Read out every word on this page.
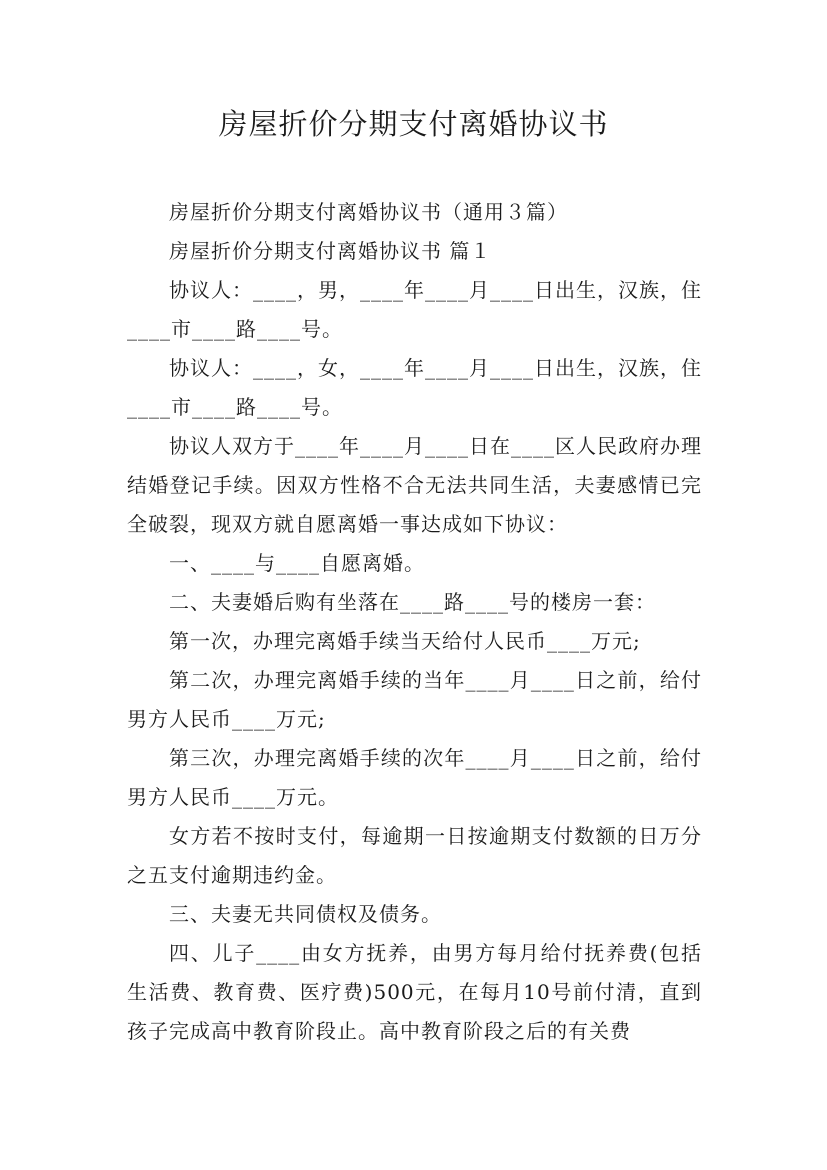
房屋折价分期支付离婚协议书

房屋折价分期支付离婚协议书（通用３篇）

房屋折价分期支付离婚协议书 篇１

协议人：____，男，____年____月____日出生，汉族，住____市____路____号。

协议人：____，女，____年____月____日出生，汉族，住____市____路____号。

协议人双方于____年____月____日在____区人民政府办理结婚登记手续。因双方性格不合无法共同生活，夫妻感情已完全破裂，现双方就自愿离婚一事达成如下协议：

一、____与____自愿离婚。

二、夫妻婚后购有坐落在____路____号的楼房一套：

第一次，办理完离婚手续当天给付人民币____万元;

第二次，办理完离婚手续的当年____月____日之前，给付男方人民币____万元;

第三次，办理完离婚手续的次年____月____日之前，给付男方人民币____万元。

女方若不按时支付，每逾期一日按逾期支付数额的日万分之五支付逾期违约金。

三、夫妻无共同债权及债务。

四、儿子____由女方抚养，由男方每月给付抚养费(包括生活费、教育费、医疗费)500元，在每月10号前付清，直到孩子完成高中教育阶段止。高中教育阶段之后的有关费
